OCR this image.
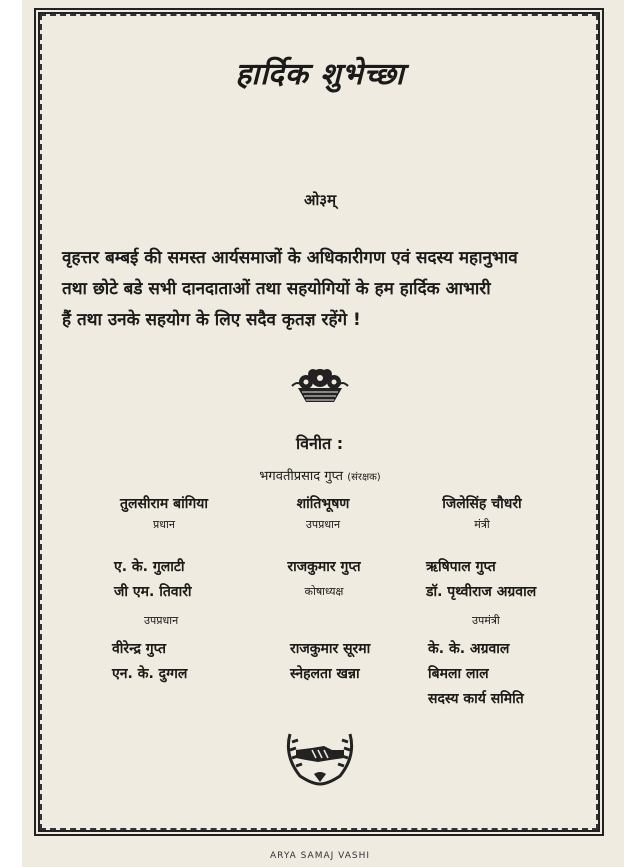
हार्दिक शुभेच्छा
ओ३म्
वृहत्तर बम्बई की समस्त आर्यसमाजों के अधिकारीगण एवं सदस्य महानुभाव
तथा छोटे बडे सभी दानदाताओं तथा सहयोगियों के हम हार्दिक आभारी
हैं तथा उनके सहयोग के लिए सदैव कृतज्ञ रहेंगे !
विनीत :
भगवतीप्रसाद गुप्त (संरक्षक)
तुलसीराम बांगिया
प्रधान
शांतिभूषण
उपप्रधान
जिलेसिंह चौधरी
मंत्री
ए. के. गुलाटी
जी एम. तिवारी
उपप्रधान
राजकुमार गुप्त
कोषाध्यक्ष
ऋषिपाल गुप्त
डॉ. पृथ्वीराज अग्रवाल
उपमंत्री
वीरेन्द्र गुप्त
एन. के. दुग्गल
राजकुमार सूरमा
स्नेहलता खन्ना
के. के. अग्रवाल
बिमला लाल
सदस्य कार्य समिति
ARYA SAMAJ VASHI
